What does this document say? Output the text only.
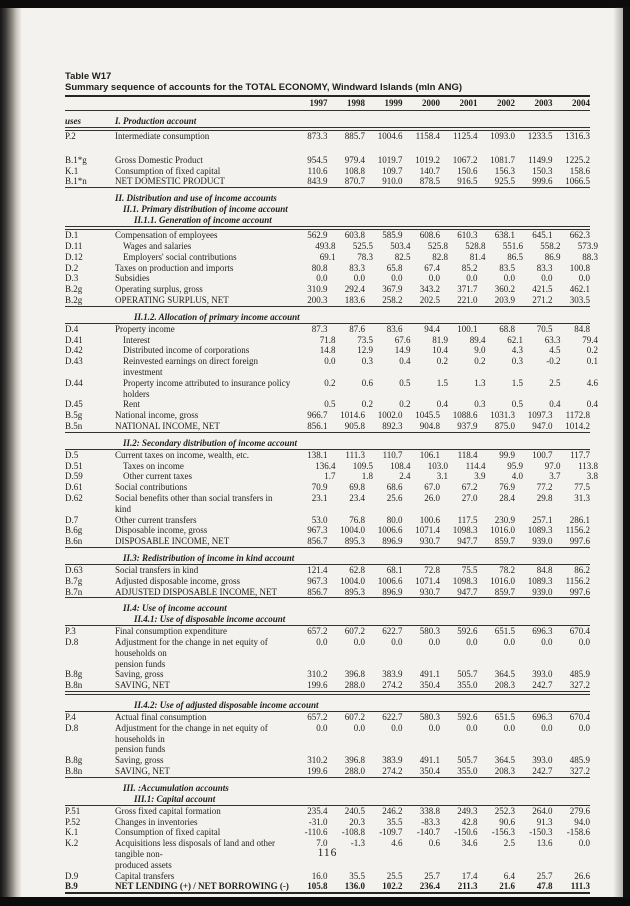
Table W17
Summary sequence of accounts for the TOTAL ECONOMY, Windward Islands (mln ANG)
1997	1998	1999	2000	2001	2002	2003	2004
uses	I. Production account
P.2	Intermediate consumption	873.3	885.7	1004.6	1158.4	1125.4	1093.0	1233.5	1316.3
B.1*g	Gross Domestic Product	954.5	979.4	1019.7	1019.2	1067.2	1081.7	1149.9	1225.2
K.1	Consumption of fixed capital	110.6	108.8	109.7	140.7	150.6	156.3	150.3	158.6
B.1*n	NET DOMESTIC PRODUCT	843.9	870.7	910.0	878.5	916.5	925.5	999.6	1066.5
II. Distribution and use of income accounts
II.1. Primary distribution of income account
II.1.1. Generation of income account
D.1	Compensation of employees	562.9	603.8	585.9	608.6	610.3	638.1	645.1	662.3
D.11	Wages and salaries	493.8	525.5	503.4	525.8	528.8	551.6	558.2	573.9
D.12	Employers' social contributions	69.1	78.3	82.5	82.8	81.4	86.5	86.9	88.3
D.2	Taxes on production and imports	80.8	83.3	65.8	67.4	85.2	83.5	83.3	100.8
D.3	Subsidies	0.0	0.0	0.0	0.0	0.0	0.0	0.0	0.0
B.2g	Operating surplus, gross	310.9	292.4	367.9	343.2	371.7	360.2	421.5	462.1
B.2g	OPERATING SURPLUS, NET	200.3	183.6	258.2	202.5	221.0	203.9	271.2	303.5
II.1.2. Allocation of primary income account
D.4	Property income	87.3	87.6	83.6	94.4	100.1	68.8	70.5	84.8
D.41	Interest	71.8	73.5	67.6	81.9	89.4	62.1	63.3	79.4
D.42	Distributed income of corporations	14.8	12.9	14.9	10.4	9.0	4.3	4.5	0.2
D.43	Reinvested earnings on direct foreign investment
0.0	0.3	0.4	0.2	0.2	0.3	-0.2	0.1
D.44	Property income attributed to insurance policy holders
0.2	0.6	0.5	1.5	1.3	1.5	2.5	4.6
D.45	Rent	0.5	0.2	0.2	0.4	0.3	0.5	0.4	0.4
B.5g	National income, gross	966.7	1014.6	1002.0	1045.5	1088.6	1031.3	1097.3	1172.8
B.5n	NATIONAL INCOME, NET	856.1	905.8	892.3	904.8	937.9	875.0	947.0	1014.2
II.2: Secondary distribution of income account
D.5	Current taxes on income, wealth, etc.	138.1	111.3	110.7	106.1	118.4	99.9	100.7	117.7
D.51	Taxes on income	136.4	109.5	108.4	103.0	114.4	95.9	97.0	113.8
D.59	Other current taxes	1.7	1.8	2.4	3.1	3.9	4.0	3.7	3.8
D.61	Social contributions	70.9	69.8	68.6	67.0	67.2	76.9	77.2	77.5
D.62	Social benefits other than social transfers in kind
23.1	23.4	25.6	26.0	27.0	28.4	29.8	31.3
D.7	Other current transfers	53.0	76.8	80.0	100.6	117.5	230.9	257.1	286.1
B.6g	Disposable income, gross	967.3	1004.0	1006.6	1071.4	1098.3	1016.0	1089.3	1156.2
B.6n	DISPOSABLE INCOME, NET	856.7	895.3	896.9	930.7	947.7	859.7	939.0	997.6
II.3: Redistribution of income in kind account
D.63	Social transfers in kind	121.4	62.8	68.1	72.8	75.5	78.2	84.8	86.2
B.7g	Adjusted disposable income, gross	967.3	1004.0	1006.6	1071.4	1098.3	1016.0	1089.3	1156.2
B.7n	ADJUSTED DISPOSABLE INCOME, NET	856.7	895.3	896.9	930.7	947.7	859.7	939.0	997.6
II.4: Use of income account
II.4.1: Use of disposable income account
P.3	Final consumption expenditure	657.2	607.2	622.7	580.3	592.6	651.5	696.3	670.4
D.8	Adjustment for the change in net equity of households on
pension funds
0.0	0.0	0.0	0.0	0.0	0.0	0.0	0.0
B.8g	Saving, gross	310.2	396.8	383.9	491.1	505.7	364.5	393.0	485.9
B.8n	SAVING, NET	199.6	288.0	274.2	350.4	355.0	208.3	242.7	327.2
II.4.2: Use of adjusted disposable income account
P.4	Actual final consumption	657.2	607.2	622.7	580.3	592.6	651.5	696.3	670.4
D.8	Adjustment for the change in net equity of households in
pension funds
0.0	0.0	0.0	0.0	0.0	0.0	0.0	0.0
B.8g	Saving, gross	310.2	396.8	383.9	491.1	505.7	364.5	393.0	485.9
B.8n	SAVING, NET	199.6	288.0	274.2	350.4	355.0	208.3	242.7	327.2
III. :Accumulation accounts
III.1: Capital account
P.51	Gross fixed capital formation	235.4	240.5	246.2	338.8	249.3	252.3	264.0	279.6
P.52	Changes in inventories	-31.0	20.3	35.5	-83.3	42.8	90.6	91.3	94.0
K.1	Consumption of fixed capital	-110.6	-108.8	-109.7	-140.7	-150.6	-156.3	-150.3	-158.6
K.2	Acquisitions less disposals of land and other tangible non-
produced assets
7.0	-1.3	4.6	0.6	34.6	2.5	13.6	0.0
D.9	Capital transfers	16.0	35.5	25.5	25.7	17.4	6.4	25.7	26.6
B.9	NET LENDING (+) / NET BORROWING (-)	105.8	136.0	102.2	236.4	211.3	21.6	47.8	111.3
116
